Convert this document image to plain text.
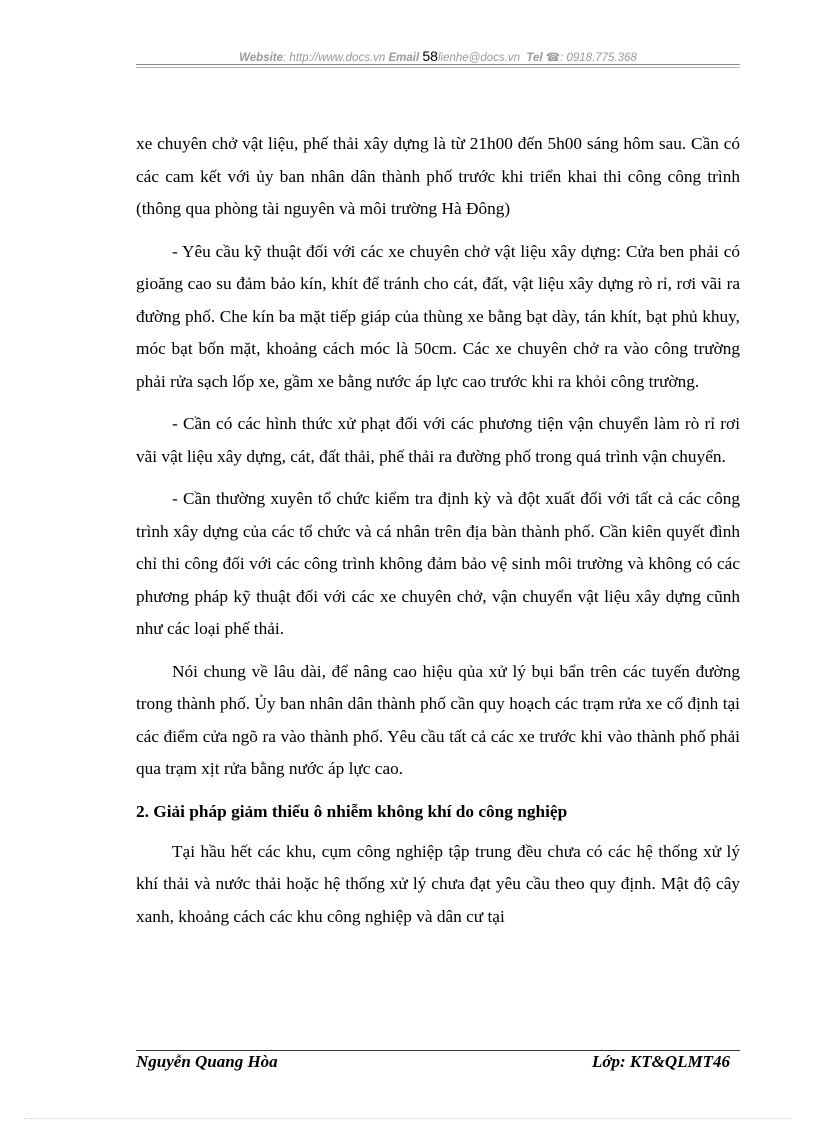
Website: http://www.docs.vn Email 58lienhe@docs.vn Tel ☎: 0918.775.368

xe chuyên chở vật liệu, phế thải xây dựng là từ 21h00 đến 5h00 sáng hôm sau. Cần có các cam kết với ủy ban nhân dân thành phố trước khi triển khai thi công công trình (thông qua phòng tài nguyên và môi trường Hà Đông)

- Yêu cầu kỹ thuật đối với các xe chuyên chở vật liệu xây dựng: Cửa ben phải có gioăng cao su đảm bảo kín, khít để tránh cho cát, đất, vật liệu xây dựng rò rỉ, rơi vãi ra đường phố. Che kín ba mặt tiếp giáp của thùng xe bằng bạt dày, tán khít, bạt phủ khuy, móc bạt bốn mặt, khoảng cách móc là 50cm. Các xe chuyên chở ra vào công trường phải rửa sạch lốp xe, gầm xe bằng nước áp lực cao trước khi ra khỏi công trường.

- Cần có các hình thức xử phạt đối với các phương tiện vận chuyển làm rò rỉ rơi vãi vật liệu xây dựng, cát, đất thải, phế thải ra đường phố trong quá trình vận chuyển.

- Cần thường xuyên tổ chức kiểm tra định kỳ và đột xuất đối với tất cả các công trình xây dựng của các tổ chức và cá nhân trên địa bàn thành phố. Cần kiên quyết đình chỉ thi công đối với các công trình không đảm bảo vệ sinh môi trường và không có các phương pháp kỹ thuật đối với các xe chuyên chở, vận chuyển vật liệu xây dựng cũnh như các loại phế thải.

Nói chung về lâu dài, để nâng cao hiệu qủa xử lý bụi bẩn trên các tuyến đường trong thành phố. Ủy ban nhân dân thành phố cần quy hoạch các trạm rửa xe cố định tại các điểm cửa ngõ ra vào thành phố. Yêu cầu tất cả các xe trước khi vào thành phố phải qua trạm xịt rửa bằng nước áp lực cao.

2. Giải pháp giảm thiểu ô nhiễm không khí do công nghiệp

Tại hầu hết các khu, cụm công nghiệp tập trung đều chưa có các hệ thống xử lý khí thải và nước thải hoặc hệ thống xử lý chưa đạt yêu cầu theo quy định. Mật độ cây xanh, khoảng cách các khu công nghiệp và dân cư tại

Nguyễn Quang Hòa	Lớp: KT&QLMT46
